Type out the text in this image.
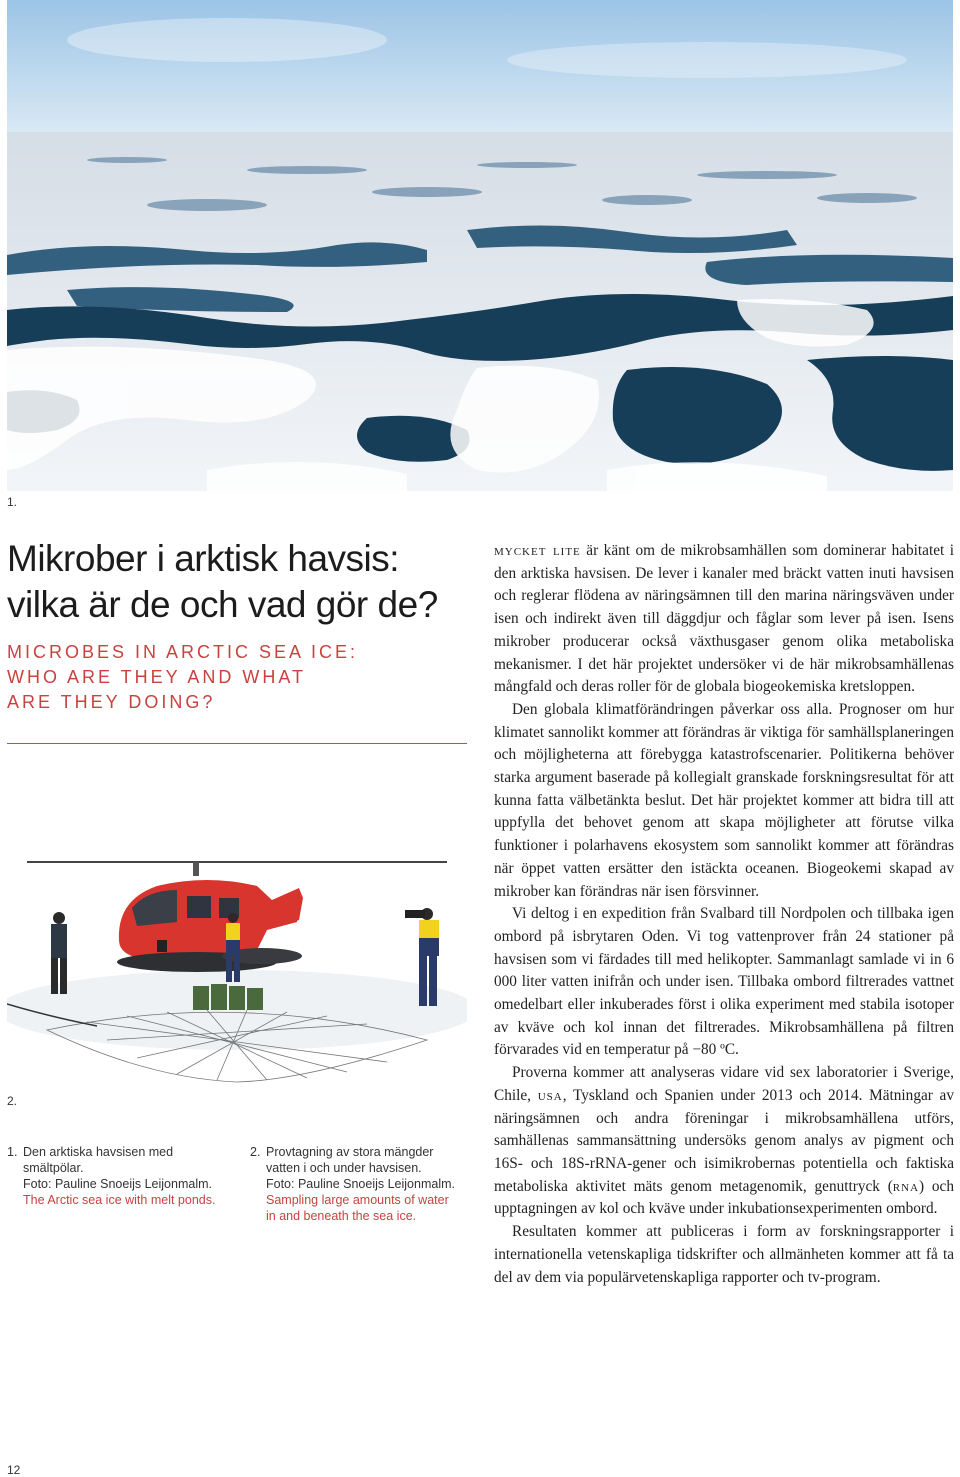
1.
Mikrober i arktisk havsis:
vilka är de och vad gör de?
MICROBES IN ARCTIC SEA ICE:
WHO ARE THEY AND WHAT
ARE THEY DOING?
2.
1. Den arktiska havsisen med
smältpölar.
Foto: Pauline Snoeijs Leijonmalm.
The Arctic sea ice with melt ponds.
2. Provtagning av stora mängder
vatten i och under havsisen.
Foto: Pauline Snoeijs Leijonmalm.
Sampling large amounts of water
in and beneath the sea ice.

mycket lite är känt om de mikrobsamhällen som dominerar habitatet i den arktiska havsisen. De lever i kanaler med bräckt vatten inuti havsisen och reglerar flödena av näringsämnen till den marina näringsväven under isen och indirekt även till däggdjur och fåglar som lever på isen. Isens mikrober producerar också växthusgaser genom olika metaboliska mekanismer. I det här projektet undersöker vi de här mikrobsamhällenas mångfald och deras roller för de globala biogeokemiska kretsloppen.

Den globala klimatförändringen påverkar oss alla. Prognoser om hur klimatet sannolikt kommer att förändras är viktiga för samhällsplaneringen och möjligheterna att förebygga katastrofscenarier. Politikerna behöver starka argument baserade på kollegialt granskade forskningsresultat för att kunna fatta välbetänkta beslut. Det här projektet kommer att bidra till att uppfylla det behovet genom att skapa möjligheter att förutse vilka funktioner i polarhavens ekosystem som sannolikt kommer att förändras när öppet vatten ersätter den istäckta oceanen. Biogeokemi skapad av mikrober kan förändras när isen försvinner.

Vi deltog i en expedition från Svalbard till Nordpolen och tillbaka igen ombord på isbrytaren Oden. Vi tog vattenprover från 24 stationer på havsisen som vi färdades till med helikopter. Sammanlagt samlade vi in 6 000 liter vatten inifrån och under isen. Tillbaka ombord filtrerades vattnet omedelbart eller inkuberades först i olika experiment med stabila isotoper av kväve och kol innan det filtrerades. Mikrobsamhällena på filtren förvarades vid en temperatur på −80 ºC.

Proverna kommer att analyseras vidare vid sex laboratorier i Sverige, Chile, usa, Tyskland och Spanien under 2013 och 2014. Mätningar av näringsämnen och andra föreningar i mikrobsamhällena utförs, samhällenas sammansättning undersöks genom analys av pigment och 16S- och 18S-rRNA-gener och isimikrobernas potentiella och faktiska metaboliska aktivitet mäts genom metagenomik, genuttryck (rna) och upptagningen av kol och kväve under inkubationsexperimenten ombord.

Resultaten kommer att publiceras i form av forskningsrapporter i internationella vetenskapliga tidskrifter och allmänheten kommer att få ta del av dem via populärvetenskapliga rapporter och tv-program.

12
